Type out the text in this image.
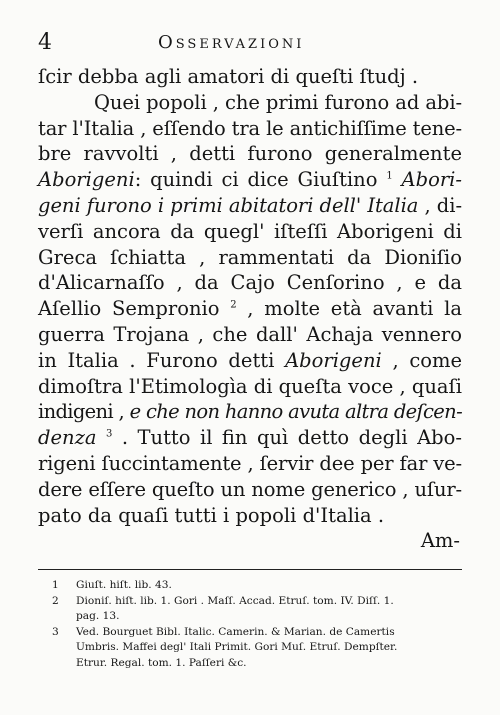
4	Osservazioni
ſcir debba agli amatori di queſti ſtudj .
Quei popoli , che primi furono ad abi-
tar l'Italia , eſſendo tra le antichiſſime tene-
bre ravvolti , detti furono generalmente
Aborigeni: quindi ci dice Giuſtino $^1$ Abori-
geni furono i primi abitatori dell' Italia , di-
verſi ancora da quegl' iſteſſi Aborigeni di
Greca ſchiatta , rammentati da Dioniſio
d'Alicarnaſſo , da Cajo Cenſorino , e da
Aſellio Sempronio $^2$ , molte età avanti la
guerra Trojana , che dall' Achaja vennero
in Italia . Furono detti Aborigeni , come
dimoſtra l'Etimologìa di queſta voce , quaſi
indigeni , e che non hanno avuta altra deſcen-
denza $^3$ . Tutto il fin quì detto degli Abo-
rigeni ſuccintamente , ſervir dee per far ve-
dere eſſere queſto un nome generico , uſur-
pato da quaſi tutti i popoli d'Italia .
Am-
1 Giuſt. hiſt. lib. 43.
2 Dioniſ. hiſt. lib. 1. Gori . Maſſ. Accad. Etruſ. tom. IV. Diſſ. 1.
pag. 13.
3 Ved. Bourguet Bibl. Italic. Camerin. & Marian. de Camertis
Umbris. Maffei degl' Itali Primit. Gori Muſ. Etruſ. Dempſter.
Etrur. Regal. tom. 1. Paſſeri &c.
